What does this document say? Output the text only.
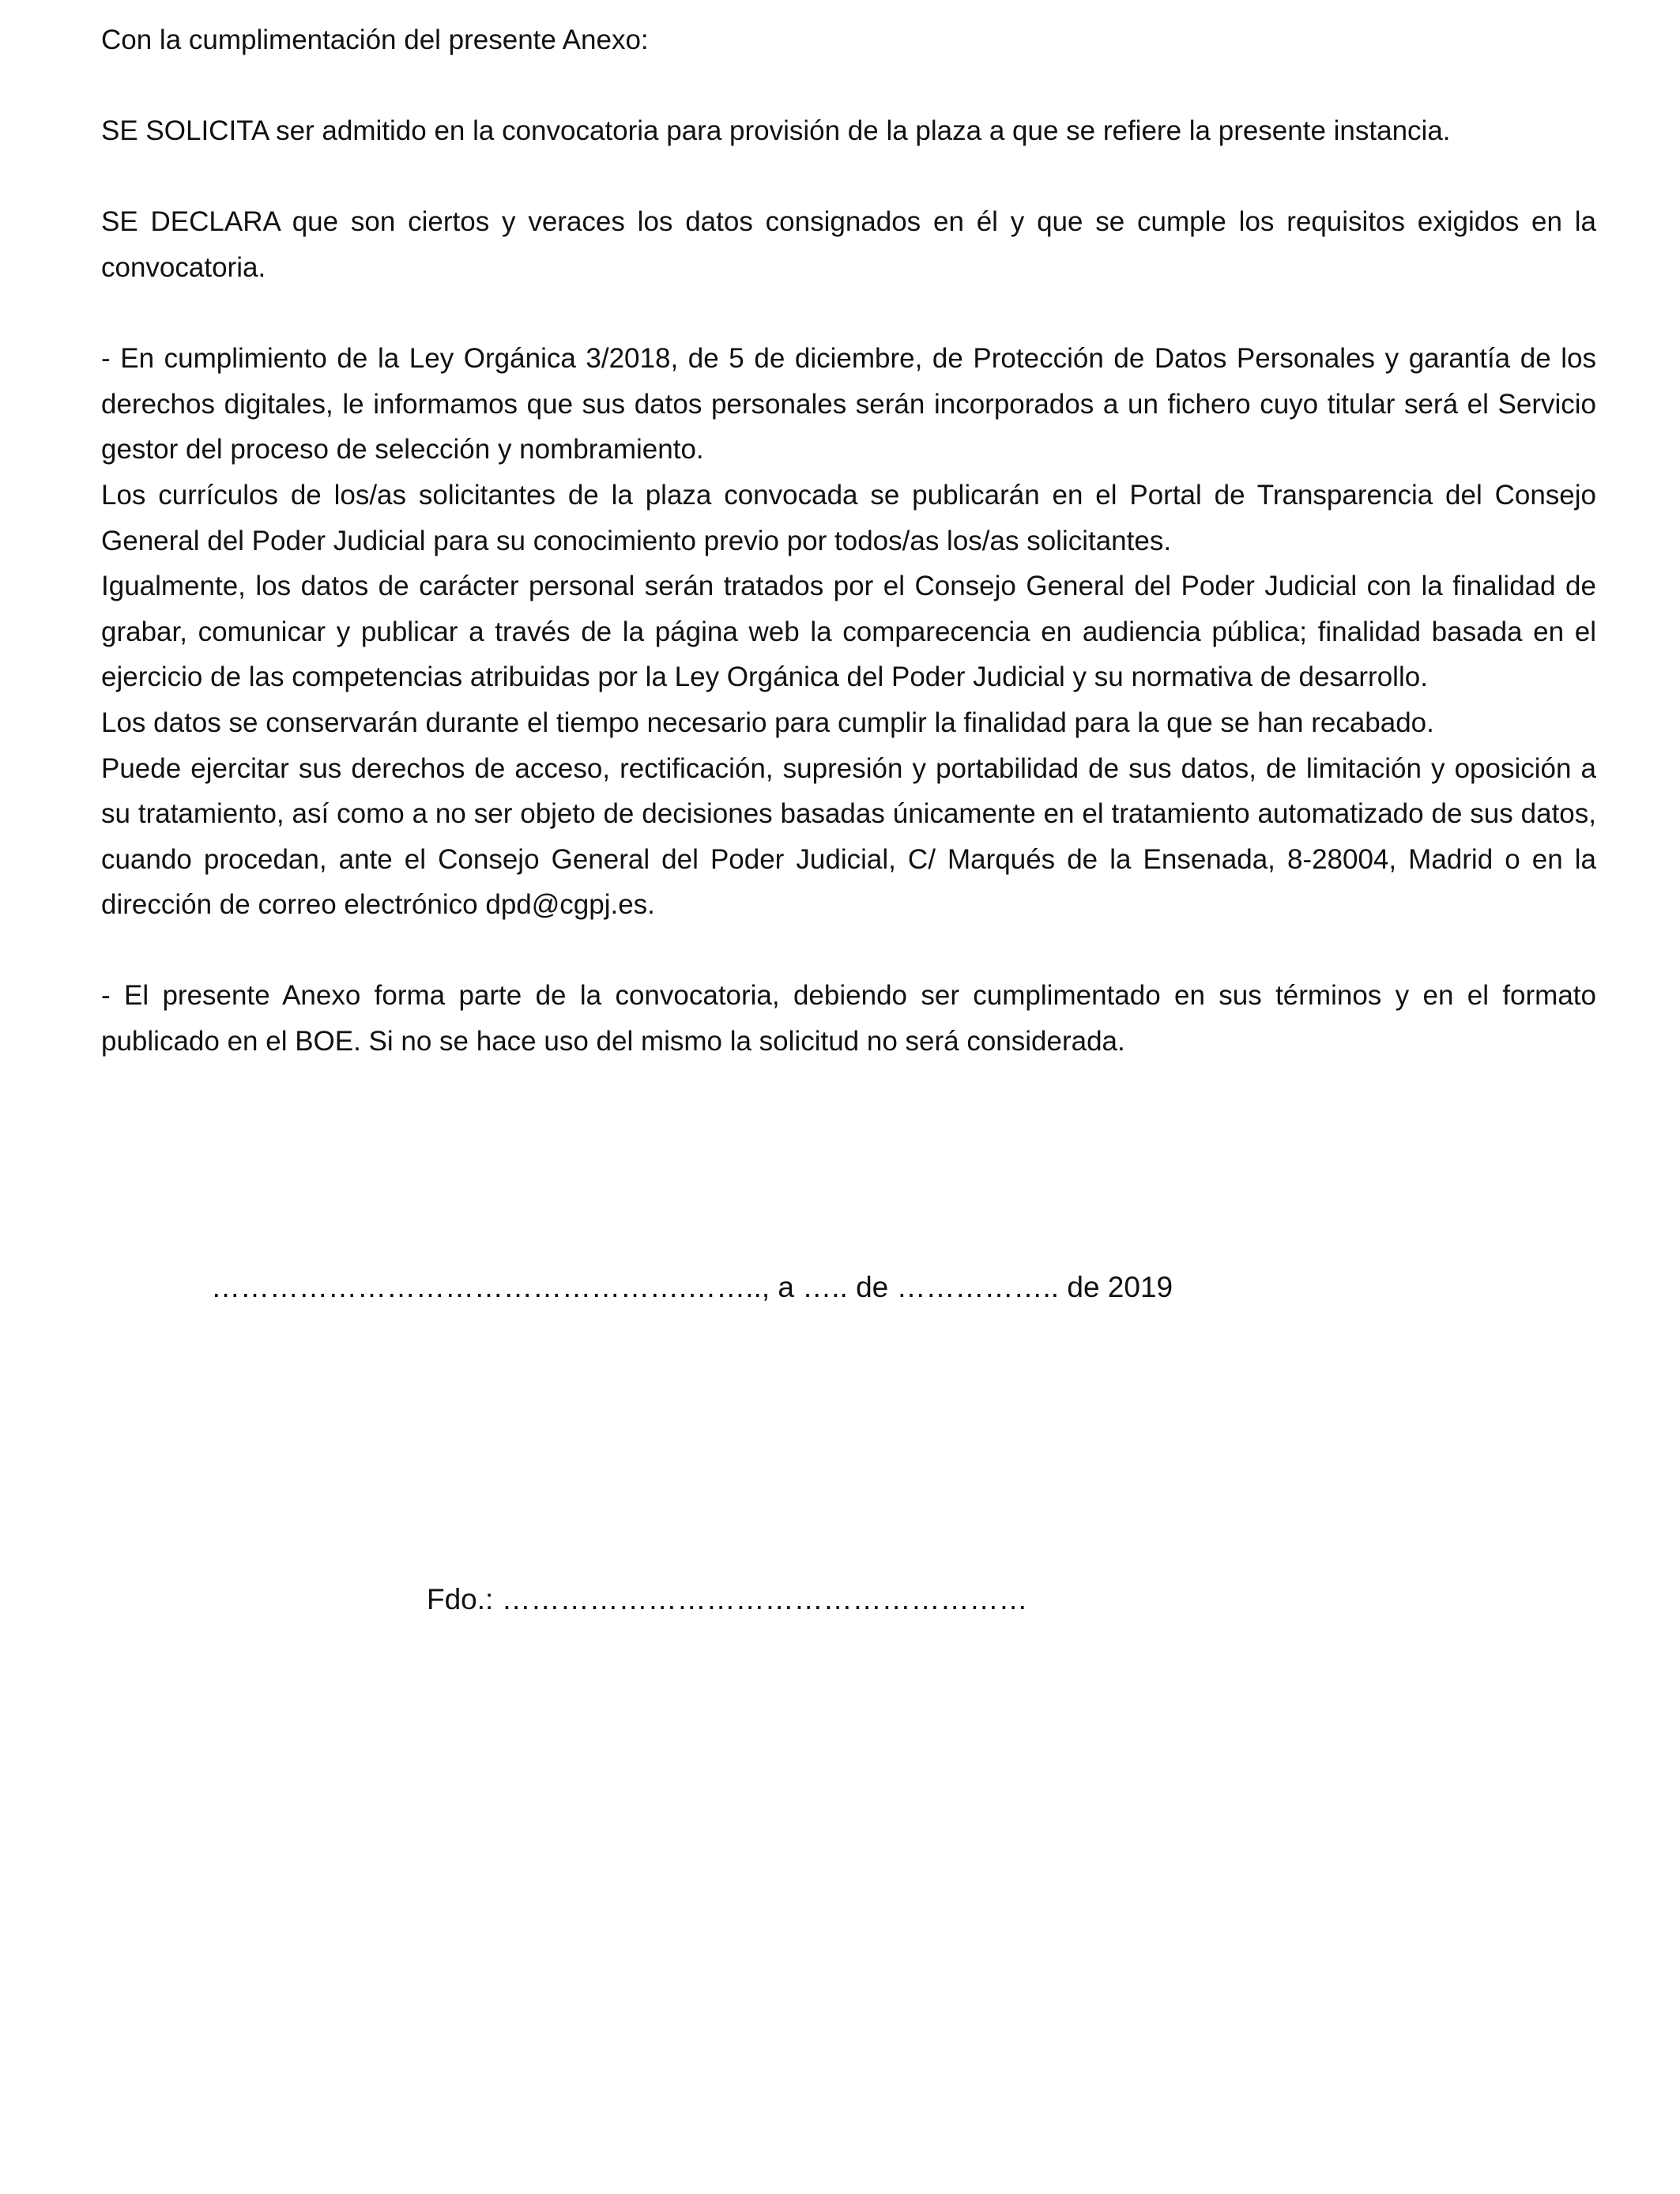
Con la cumplimentación del presente Anexo:

SE SOLICITA ser admitido en la convocatoria para provisión de la plaza a que se refiere la presente instancia.

SE DECLARA que son ciertos y veraces los datos consignados en él y que se cumple los requisitos exigidos en la convocatoria.

- En cumplimiento de la Ley Orgánica 3/2018, de 5 de diciembre, de Protección de Datos Personales y garantía de los derechos digitales, le informamos que sus datos personales serán incorporados a un fichero cuyo titular será el Servicio gestor del proceso de selección y nombramiento.

Los currículos de los/as solicitantes de la plaza convocada se publicarán en el Portal de Transparencia del Consejo General del Poder Judicial para su conocimiento previo por todos/as los/as solicitantes.

Igualmente, los datos de carácter personal serán tratados por el Consejo General del Poder Judicial con la finalidad de grabar, comunicar y publicar a través de la página web la comparecencia en audiencia pública; finalidad basada en el ejercicio de las competencias atribuidas por la Ley Orgánica del Poder Judicial y su normativa de desarrollo.

Los datos se conservarán durante el tiempo necesario para cumplir la finalidad para la que se han recabado.

Puede ejercitar sus derechos de acceso, rectificación, supresión y portabilidad de sus datos, de limitación y oposición a su tratamiento, así como a no ser objeto de decisiones basadas únicamente en el tratamiento automatizado de sus datos, cuando procedan, ante el Consejo General del Poder Judicial, C/ Marqués de la Ensenada, 8-28004, Madrid o en la dirección de correo electrónico dpd@cgpj.es.

- El presente Anexo forma parte de la convocatoria, debiendo ser cumplimentado en sus términos y en el formato publicado en el BOE. Si no se hace uso del mismo la solicitud no será considerada.

………………………………………….…….., a ….. de …………….. de 2019
Fdo.: ………………………………………………
